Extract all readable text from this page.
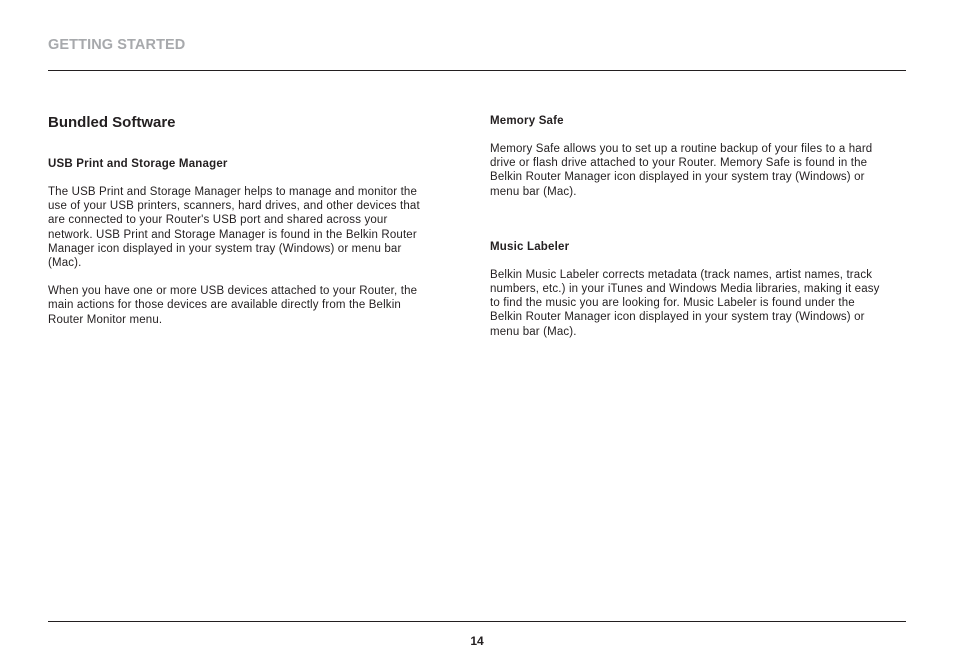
GETTING STARTED
Bundled Software
USB Print and Storage Manager

The USB Print and Storage Manager helps to manage and monitor the use of your USB printers, scanners, hard drives, and other devices that are connected to your Router's USB port and shared across your network. USB Print and Storage Manager is found in the Belkin Router Manager icon displayed in your system tray (Windows) or menu bar (Mac).

When you have one or more USB devices attached to your Router, the main actions for those devices are available directly from the Belkin Router Monitor menu.

Memory Safe

Memory Safe allows you to set up a routine backup of your files to a hard drive or flash drive attached to your Router. Memory Safe is found in the Belkin Router Manager icon displayed in your system tray (Windows) or menu bar (Mac).

Music Labeler

Belkin Music Labeler corrects metadata (track names, artist names, track numbers, etc.) in your iTunes and Windows Media libraries, making it easy to find the music you are looking for. Music Labeler is found under the Belkin Router Manager icon displayed in your system tray (Windows) or menu bar (Mac).

14
